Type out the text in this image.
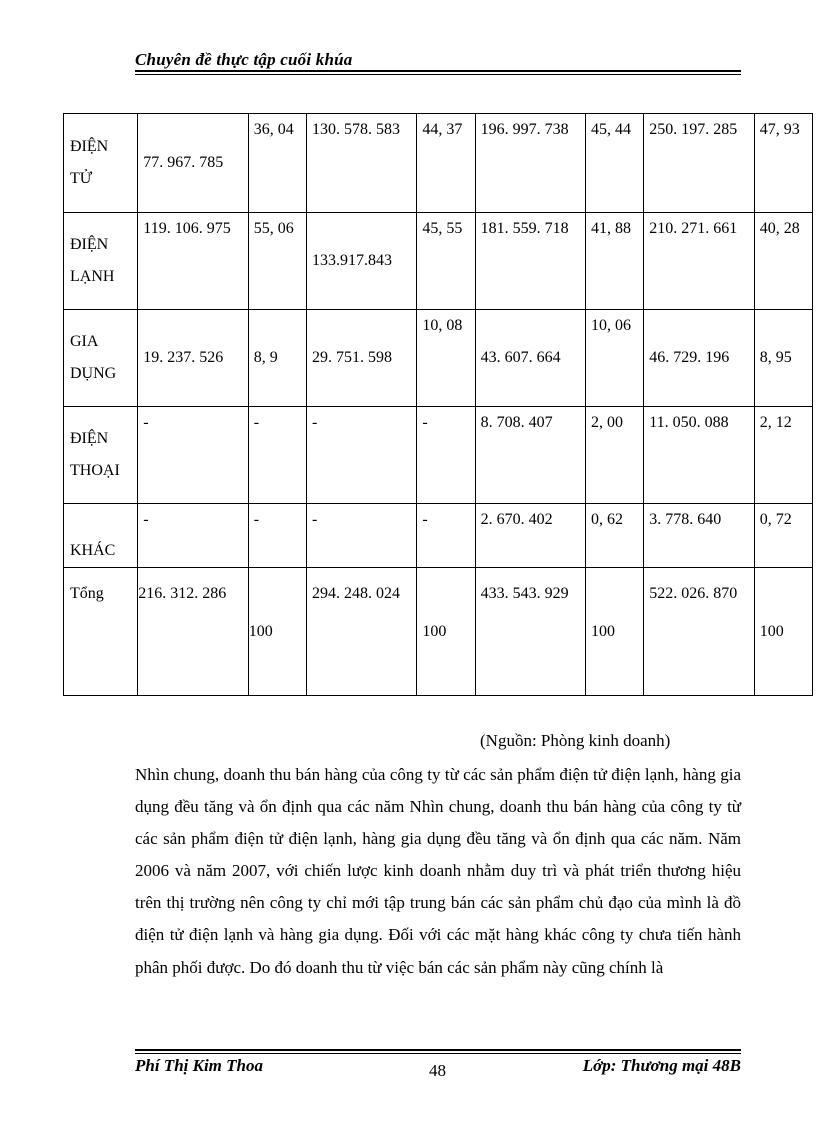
Chuyên đề thực tập cuối khúa
ĐIỆN TỬ	77. 967. 785	36, 04	130. 578. 583	44, 37	196. 997. 738	45, 44	250. 197. 285	47, 93
ĐIỆN LẠNH	119. 106. 975	55, 06	133.917.843	45, 55	181. 559. 718	41, 88	210. 271. 661	40, 28
GIA DỤNG	19. 237. 526	8, 9	29. 751. 598	10, 08	43. 607. 664	10, 06	46. 729. 196	8, 95
ĐIỆN THOẠI	-	-	-	-	8. 708. 407	2, 00	11. 050. 088	2, 12
KHÁC	-	-	-	-	2. 670. 402	0, 62	3. 778. 640	0, 72
Tổng	216. 312. 286	100	294. 248. 024	100	433. 543. 929	100	522. 026. 870	100
(Nguồn: Phòng kinh doanh)
Nhìn chung, doanh thu bán hàng của công ty từ các sản phẩm điện tử điện lạnh, hàng gia dụng đều tăng và ổn định qua các năm Nhìn chung, doanh thu bán hàng của công ty từ các sản phẩm điện tử điện lạnh, hàng gia dụng đều tăng và ổn định qua các năm. Năm 2006 và năm 2007, với chiến lược kinh doanh nhằm duy trì và phát triển thương hiệu trên thị trường nên công ty chỉ mới tập trung bán các sản phẩm chủ đạo của mình là đồ điện tử điện lạnh và hàng gia dụng. Đối với các mặt hàng khác công ty chưa tiến hành phân phối được. Do đó doanh thu từ việc bán các sản phẩm này cũng chính là
Phí Thị Kim Thoa	48	Lớp: Thương mại 48B
